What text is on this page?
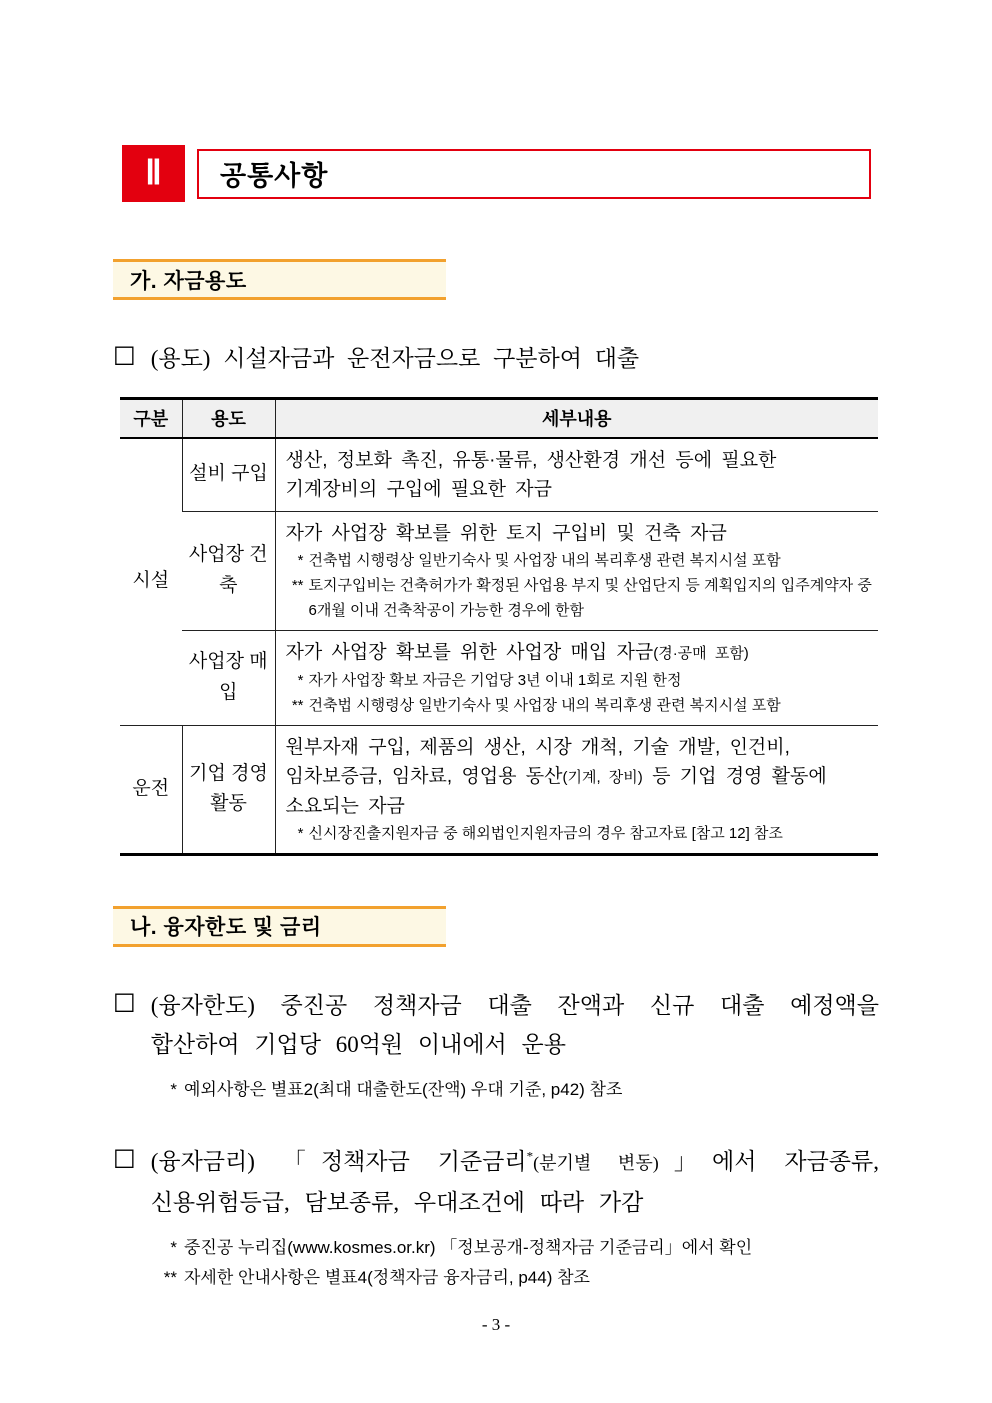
Ⅱ 공통사항
가. 자금용도
□ (용도) 시설자금과 운전자금으로 구분하여 대출
구분	용도	세부내용
시설	설비 구입	생산, 정보화 촉진, 유통·물류, 생산환경 개선 등에 필요한
기계장비의 구입에 필요한 자금

	사업장 건축	자가 사업장 확보를 위한 토지 구입비 및 건축 자금
* 건축법 시행령상 일반기숙사 및 사업장 내의 복리후생 관련 복지시설 포함
** 토지구입비는 건축허가가 확정된 사업용 부지 및 산업단지 등 계획입지의 입주계약자 중 6개월 이내 건축착공이 가능한 경우에 한함

	사업장 매입	자가 사업장 확보를 위한 사업장 매입 자금(경·공매 포함)
* 자가 사업장 확보 자금은 기업당 3년 이내 1회로 지원 한정
** 건축법 시행령상 일반기숙사 및 사업장 내의 복리후생 관련 복지시설 포함

운전	기업 경영활동	원부자재 구입, 제품의 생산, 시장 개척, 기술 개발, 인건비,
임차보증금, 임차료, 영업용 동산(기계, 장비) 등 기업 경영 활동에
소요되는 자금
* 신시장진출지원자금 중 해외법인지원자금의 경우 참고자료 [참고 12] 참조
나. 융자한도 및 금리
□ (융자한도) 중진공 정책자금 대출 잔액과 신규 대출 예정액을
합산하여 기업당 60억원 이내에서 운용
* 예외사항은 별표2(최대 대출한도(잔액) 우대 기준, p42) 참조
□ (융자금리) 「정책자금 기준금리*(분기별 변동)」에서 자금종류,
신용위험등급, 담보종류, 우대조건에 따라 가감
* 중진공 누리집(www.kosmes.or.kr) 「정보공개-정책자금 기준금리」에서 확인
** 자세한 안내사항은 별표4(정책자금 융자금리, p44) 참조
- 3 -
